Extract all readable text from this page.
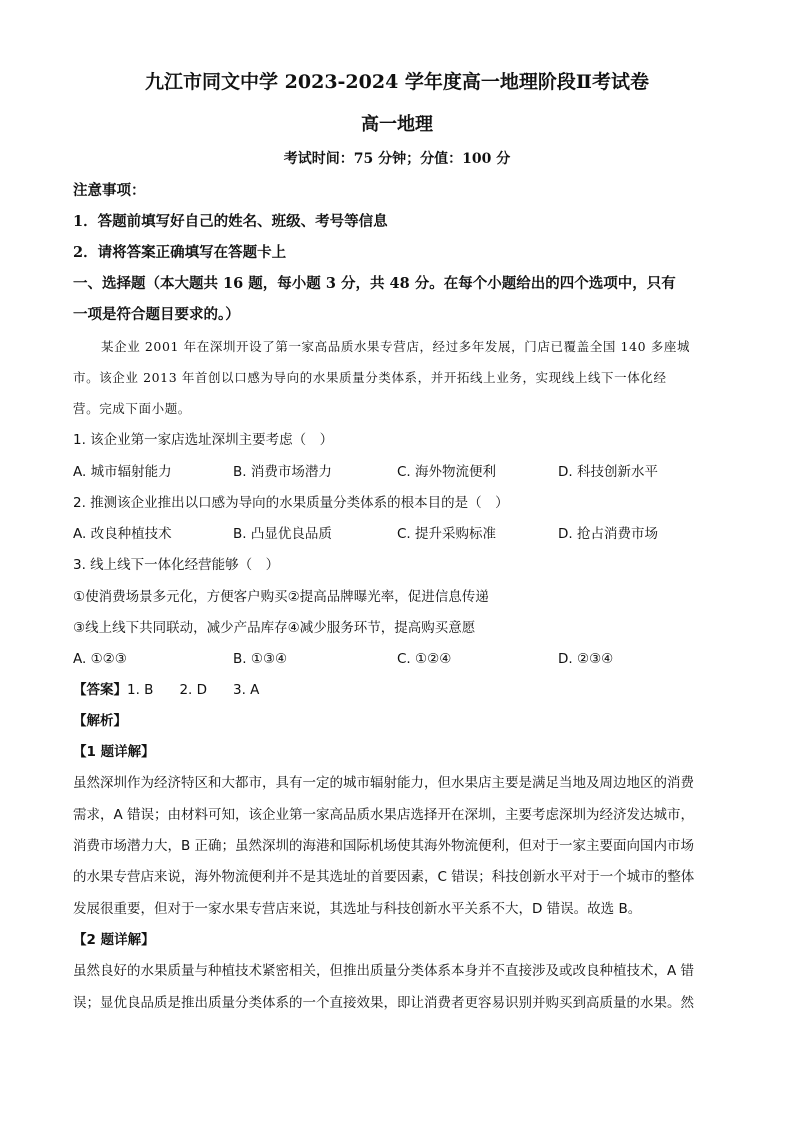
九江市同文中学 2023-2024 学年度高一地理阶段Ⅱ考试卷
高一地理
考试时间：75 分钟；分值：100 分
注意事项：
1．答题前填写好自己的姓名、班级、考号等信息
2．请将答案正确填写在答题卡上
一、选择题（本大题共 16 题，每小题 3 分，共 48 分。在每个小题给出的四个选项中，只有
一项是符合题目要求的。）
某企业 2001 年在深圳开设了第一家高品质水果专营店，经过多年发展，门店已覆盖全国 140 多座城
市。该企业 2013 年首创以口感为导向的水果质量分类体系，并开拓线上业务，实现线上线下一体化经
营。完成下面小题。
1. 该企业第一家店选址深圳主要考虑（　）
A. 城市辐射能力	B. 消费市场潜力	C. 海外物流便利	D. 科技创新水平
2. 推测该企业推出以口感为导向的水果质量分类体系的根本目的是（　）
A. 改良种植技术	B. 凸显优良品质	C. 提升采购标准	D. 抢占消费市场
3. 线上线下一体化经营能够（　）
①使消费场景多元化，方便客户购买②提高品牌曝光率，促进信息传递
③线上线下共同联动，减少产品库存④减少服务环节，提高购买意愿
A. ①②③	B. ①③④	C. ①②④	D. ②③④
【答案】1. B 2. D 3. A
【解析】
【1 题详解】
虽然深圳作为经济特区和大都市，具有一定的城市辐射能力，但水果店主要是满足当地及周边地区的消费
需求，A 错误；由材料可知，该企业第一家高品质水果店选择开在深圳，主要考虑深圳为经济发达城市，
消费市场潜力大，B 正确；虽然深圳的海港和国际机场使其海外物流便利，但对于一家主要面向国内市场
的水果专营店来说，海外物流便利并不是其选址的首要因素，C 错误；科技创新水平对于一个城市的整体
发展很重要，但对于一家水果专营店来说，其选址与科技创新水平关系不大，D 错误。故选 B。
【2 题详解】
虽然良好的水果质量与种植技术紧密相关，但推出质量分类体系本身并不直接涉及或改良种植技术，A 错
误；显优良品质是推出质量分类体系的一个直接效果，即让消费者更容易识别并购买到高质量的水果。然
